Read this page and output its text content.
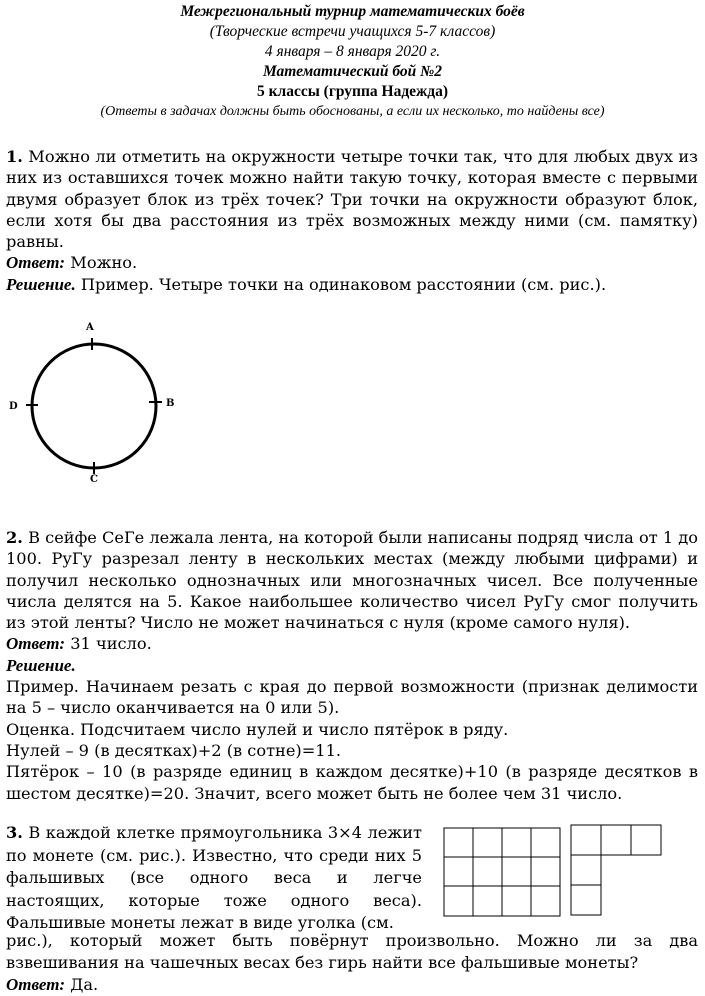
Межрегиональный турнир математических боёв
(Творческие встречи учащихся 5-7 классов)
4 января – 8 января 2020 г.
Математический бой №2
5 классы (группа Надежда)
(Ответы в задачах должны быть обоснованы, а если их несколько, то найдены все)
1. Можно ли отметить на окружности четыре точки так, что для любых двух из них из оставшихся точек можно найти такую точку, которая вместе с первыми двумя образует блок из трёх точек? Три точки на окружности образуют блок, если хотя бы два расстояния из трёх возможных между ними (см. памятку) равны.
Ответ: Можно.
Решение. Пример. Четыре точки на одинаковом расстоянии (см. рис.).
A
B
C
D
2. В сейфе СеГе лежала лента, на которой были написаны подряд числа от 1 до 100. РуГу разрезал ленту в нескольких местах (между любыми цифрами) и получил несколько однозначных или многозначных чисел. Все полученные числа делятся на 5. Какое наибольшее количество чисел РуГу смог получить из этой ленты? Число не может начинаться с нуля (кроме самого нуля).
Ответ: 31 число.
Решение.
Пример. Начинаем резать с края до первой возможности (признак делимости на 5 – число оканчивается на 0 или 5).
Оценка. Подсчитаем число нулей и число пятёрок в ряду.
Нулей – 9 (в десятках)+2 (в сотне)=11.
Пятёрок – 10 (в разряде единиц в каждом десятке)+10 (в разряде десятков в шестом десятке)=20. Значит, всего может быть не более чем 31 число.
3. В каждой клетке прямоугольника 3×4 лежит по монете (см. рис.). Известно, что среди них 5 фальшивых (все одного веса и легче настоящих, которые тоже одного веса). Фальшивые монеты лежат в виде уголка (см.
рис.), который может быть повёрнут произвольно. Можно ли за два взвешивания на чашечных весах без гирь найти все фальшивые монеты?
Ответ: Да.
